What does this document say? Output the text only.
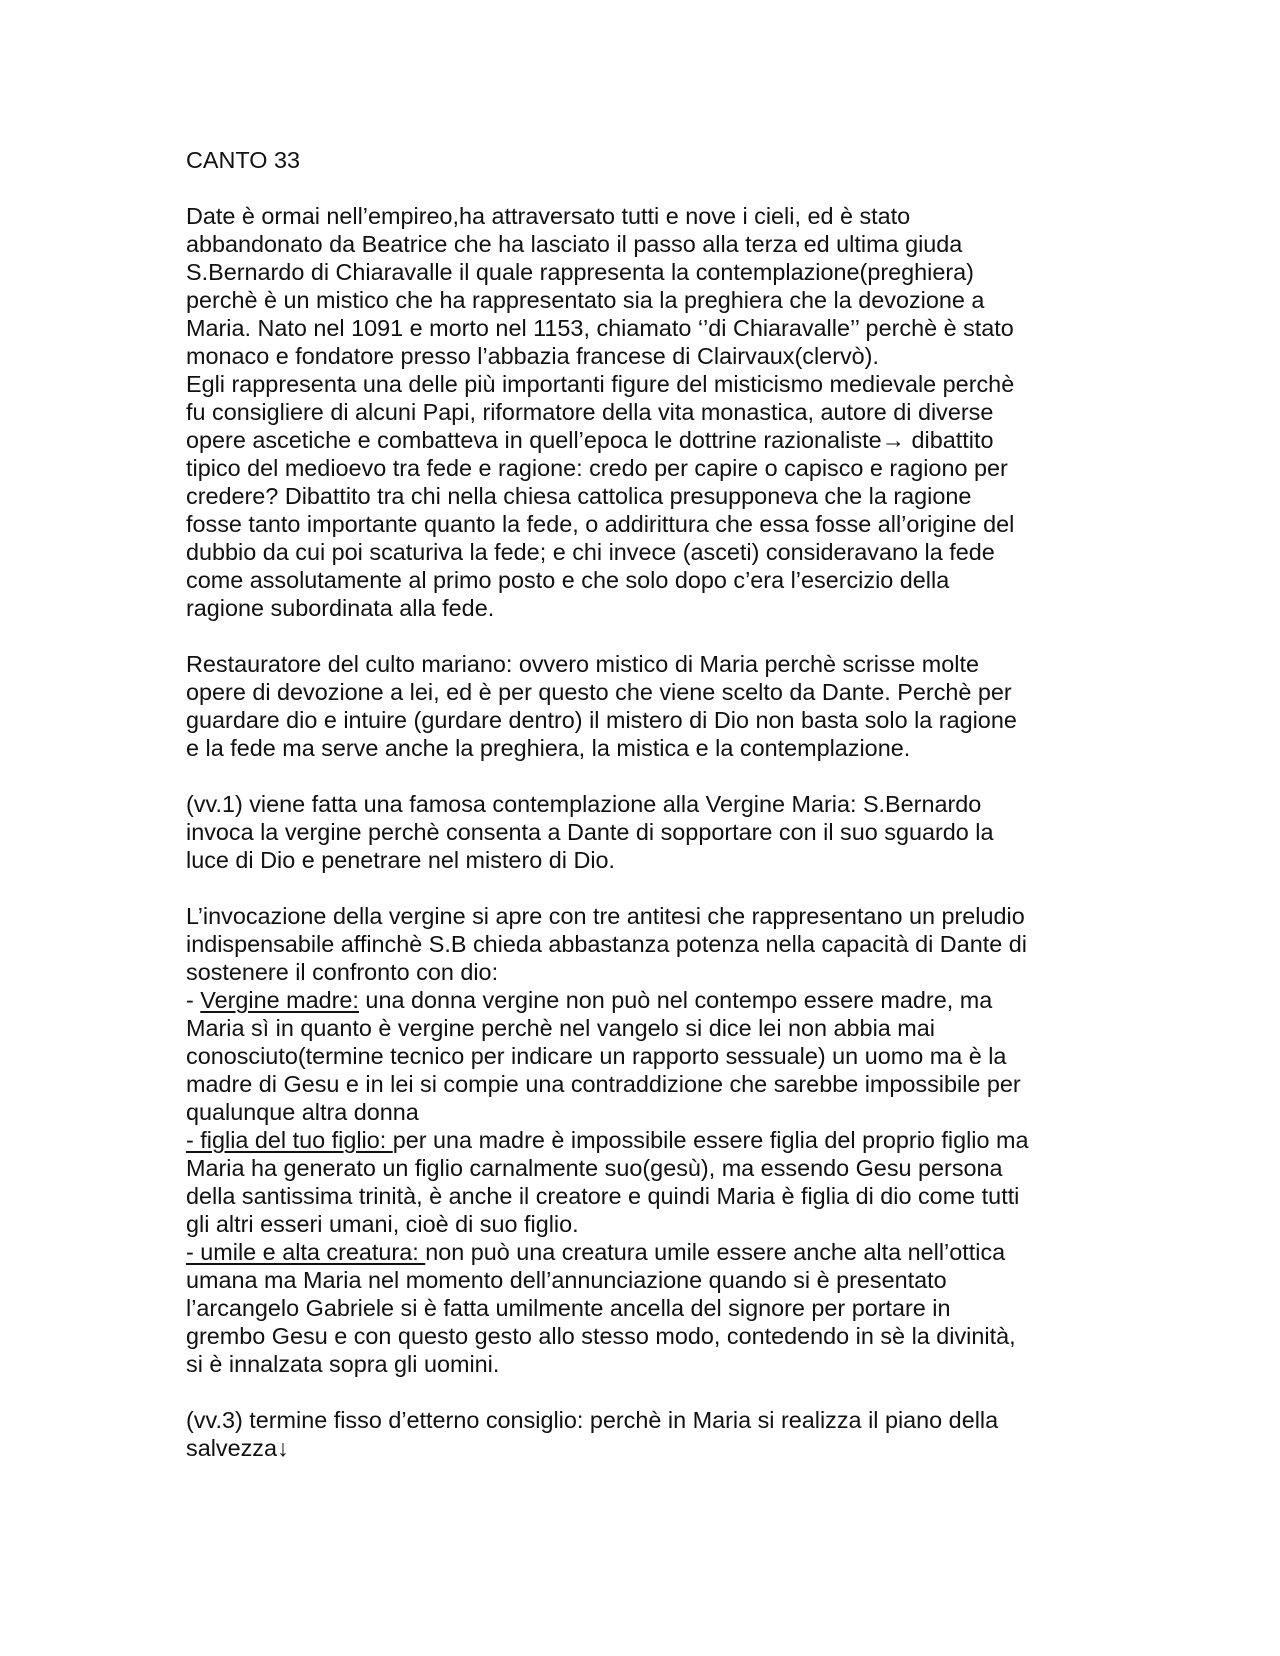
CANTO 33
Date è ormai nell’empireo,ha attraversato tutti e nove i cieli, ed è stato
abbandonato da Beatrice che ha lasciato il passo alla terza ed ultima giuda
S.Bernardo di Chiaravalle il quale rappresenta la contemplazione(preghiera)
perchè è un mistico che ha rappresentato sia la preghiera che la devozione a
Maria. Nato nel 1091 e morto nel 1153, chiamato ‘’di Chiaravalle’’ perchè è stato
monaco e fondatore presso l’abbazia francese di Clairvaux(clervò).
Egli rappresenta una delle più importanti figure del misticismo medievale perchè
fu consigliere di alcuni Papi, riformatore della vita monastica, autore di diverse
opere ascetiche e combatteva in quell’epoca le dottrine razionaliste→ dibattito
tipico del medioevo tra fede e ragione: credo per capire o capisco e ragiono per
credere? Dibattito tra chi nella chiesa cattolica presupponeva che la ragione
fosse tanto importante quanto la fede, o addirittura che essa fosse all’origine del
dubbio da cui poi scaturiva la fede; e chi invece (asceti) consideravano la fede
come assolutamente al primo posto e che solo dopo c’era l’esercizio della
ragione subordinata alla fede.
Restauratore del culto mariano: ovvero mistico di Maria perchè scrisse molte
opere di devozione a lei, ed è per questo che viene scelto da Dante. Perchè per
guardare dio e intuire (gurdare dentro) il mistero di Dio non basta solo la ragione
e la fede ma serve anche la preghiera, la mistica e la contemplazione.
(vv.1) viene fatta una famosa contemplazione alla Vergine Maria: S.Bernardo
invoca la vergine perchè consenta a Dante di sopportare con il suo sguardo la
luce di Dio e penetrare nel mistero di Dio.
L’invocazione della vergine si apre con tre antitesi che rappresentano un preludio
indispensabile affinchè S.B chieda abbastanza potenza nella capacità di Dante di
sostenere il confronto con dio:
- Vergine madre: una donna vergine non può nel contempo essere madre, ma
Maria sì in quanto è vergine perchè nel vangelo si dice lei non abbia mai
conosciuto(termine tecnico per indicare un rapporto sessuale) un uomo ma è la
madre di Gesu e in lei si compie una contraddizione che sarebbe impossibile per
qualunque altra donna
- figlia del tuo figlio: per una madre è impossibile essere figlia del proprio figlio ma
Maria ha generato un figlio carnalmente suo(gesù), ma essendo Gesu persona
della santissima trinità, è anche il creatore e quindi Maria è figlia di dio come tutti
gli altri esseri umani, cioè di suo figlio.
- umile e alta creatura: non può una creatura umile essere anche alta nell’ottica
umana ma Maria nel momento dell’annunciazione quando si è presentato
l’arcangelo Gabriele si è fatta umilmente ancella del signore per portare in
grembo Gesu e con questo gesto allo stesso modo, contedendo in sè la divinità,
si è innalzata sopra gli uomini.
(vv.3) termine fisso d’etterno consiglio: perchè in Maria si realizza il piano della
salvezza↓
